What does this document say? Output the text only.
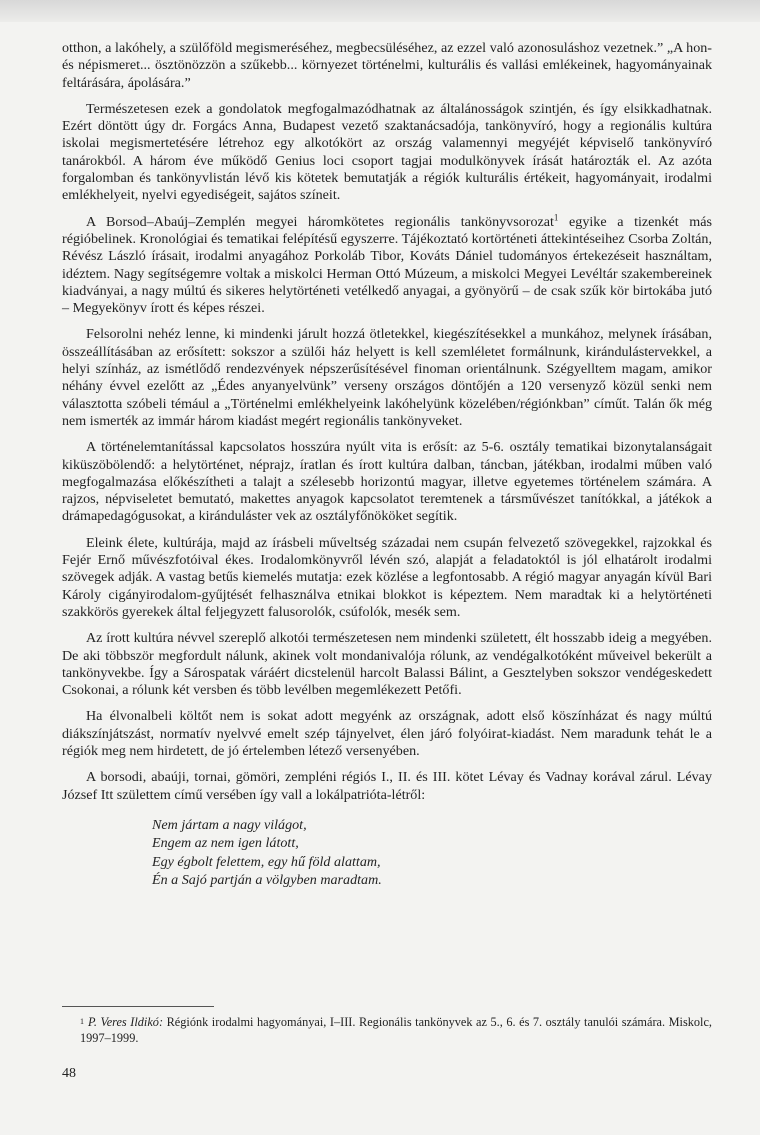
otthon, a lakóhely, a szülőföld megismeréséhez, megbecsüléséhez, az ezzel való azonosuláshoz vezetnek.” „A hon- és népismeret... ösztönözzön a szűkebb... környezet történelmi, kulturális és vallási emlékeinek, hagyományainak feltárására, ápolására.”

Természetesen ezek a gondolatok megfogalmazódhatnak az általánosságok szintjén, és így elsikkadhatnak. Ezért döntött úgy dr. Forgács Anna, Budapest vezető szaktanácsadója, tankönyvíró, hogy a regionális kultúra iskolai megismertetésére létrehoz egy alkotókört az ország valamennyi megyéjét képviselő tankönyvíró tanárokból. A három éve működő Genius loci csoport tagjai modulkönyvek írását határozták el. Az azóta forgalomban és tankönyvlistán lévő kis kötetek bemutatják a régiók kulturális értékeit, hagyományait, irodalmi emlékhelyeit, nyelvi egyediségeit, sajátos színeit.

A Borsod–Abaúj–Zemplén megyei háromkötetes regionális tankönyvsorozat$^1$ egyike a tizenkét más régióbelinek. Kronológiai és tematikai felépítésű egyszerre. Tájékoztató kortörténeti áttekintéseihez Csorba Zoltán, Révész László írásait, irodalmi anyagához Porkoláb Tibor, Kováts Dániel tudományos értekezéseit használtam, idéztem. Nagy segítségemre voltak a miskolci Herman Ottó Múzeum, a miskolci Megyei Levéltár szakembereinek kiadványai, a nagy múltú és sikeres helytörténeti vetélkedő anyagai, a gyönyörű – de csak szűk kör birtokába jutó – Megyekönyv írott és képes részei.

Felsorolni nehéz lenne, ki mindenki járult hozzá ötletekkel, kiegészítésekkel a munkához, melynek írásában, összeállításában az erősített: sokszor a szülői ház helyett is kell szemléletet formálnunk, kirándulástervekkel, a helyi színház, az ismétlődő rendezvények népszerűsítésével finoman orientálnunk. Szégyelltem magam, amikor néhány évvel ezelőtt az „Édes anyanyelvünk” verseny országos döntőjén a 120 versenyző közül senki nem választotta szóbeli témául a „Történelmi emlékhelyeink lakóhelyünk közelében/régiónkban” címűt. Talán ők még nem ismerték az immár három kiadást megért regionális tankönyveket.

A történelemtanítással kapcsolatos hosszúra nyúlt vita is erősít: az 5-6. osztály tematikai bizonytalanságait kiküszöbölendő: a helytörténet, néprajz, íratlan és írott kultúra dalban, táncban, játékban, irodalmi műben való megfogalmazása előkészítheti a talajt a szélesebb horizontú magyar, illetve egyetemes történelem számára. A rajzos, népviseletet bemutató, makettes anyagok kapcsolatot teremtenek a társművészet tanítókkal, a játékok a drámapedagógusokat, a kiránduláster vek az osztályfőnököket segítik.

Eleink élete, kultúrája, majd az írásbeli műveltség századai nem csupán felvezető szövegekkel, rajzokkal és Fejér Ernő művészfotóival ékes. Irodalomkönyvről lévén szó, alapját a feladatoktól is jól elhatárolt irodalmi szövegek adják. A vastag betűs kiemelés mutatja: ezek közlése a legfontosabb. A régió magyar anyagán kívül Bari Károly cigányirodalom-gyűjtését felhasználva etnikai blokkot is képeztem. Nem maradtak ki a helytörténeti szakkörös gyerekek által feljegyzett falusorolók, csúfolók, mesék sem.

Az írott kultúra névvel szereplő alkotói természetesen nem mindenki született, élt hosszabb ideig a megyében. De aki többször megfordult nálunk, akinek volt mondanivalója rólunk, az vendégalkotóként műveivel bekerült a tankönyvekbe. Így a Sárospatak váráért dicstelenül harcolt Balassi Bálint, a Gesztelyben sokszor vendégeskedett Csokonai, a rólunk két versben és több levélben megemlékezett Petőfi.

Ha élvonalbeli költőt nem is sokat adott megyénk az országnak, adott első köszínházat és nagy múltú diákszínjátszást, normatív nyelvvé emelt szép tájnyelvet, élen járó folyóirat-kiadást. Nem maradunk tehát le a régiók meg nem hirdetett, de jó értelemben létező versenyében.

A borsodi, abaúji, tornai, gömöri, zempléni régiós I., II. és III. kötet Lévay és Vadnay korával zárul. Lévay József Itt születtem című versében így vall a lokálpatrióta-létről:

Nem jártam a nagy világot,
Engem az nem igen látott,
Egy égbolt felettem, egy hű föld alattam,
Én a Sajó partján a völgyben maradtam.
$^1$ P. Veres Ildikó: Régiónk irodalmi hagyományai, I–III. Regionális tankönyvek az 5., 6. és 7. osztály tanulói számára. Miskolc, 1997–1999.
48
